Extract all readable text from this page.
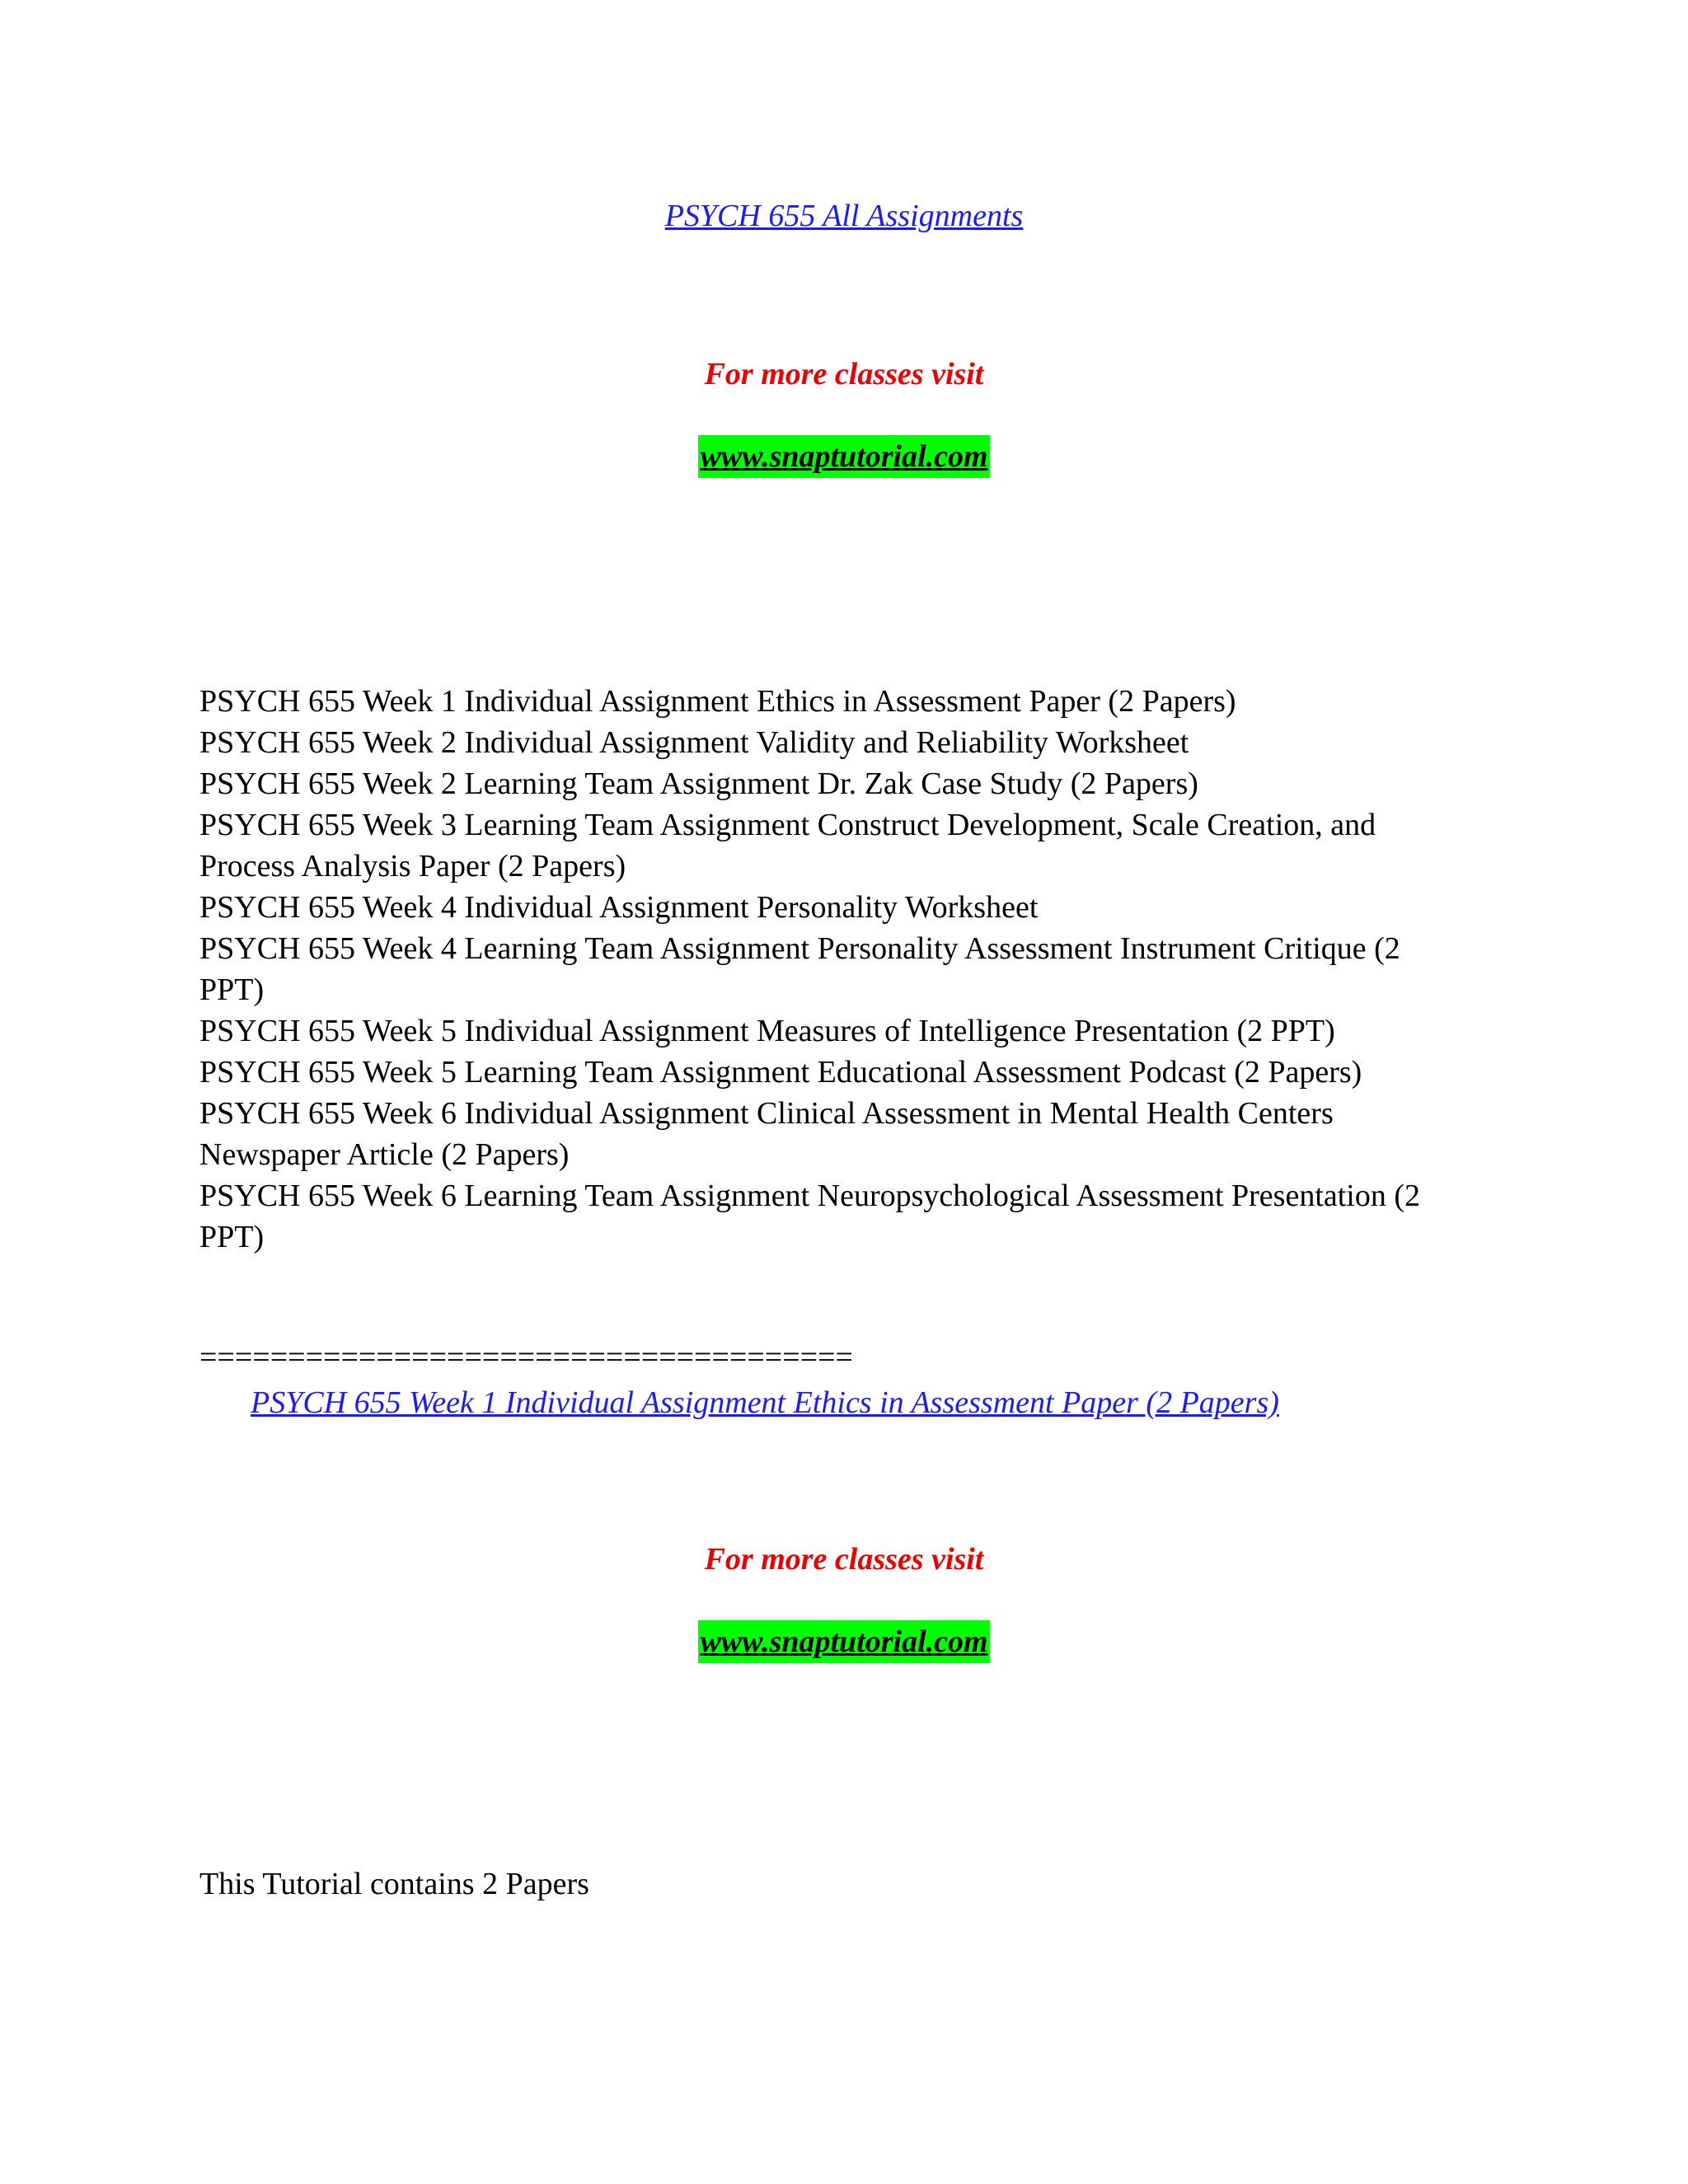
PSYCH 655 All Assignments
For more classes visit
www.snaptutorial.com
PSYCH 655 Week 1 Individual Assignment Ethics in Assessment Paper (2 Papers)
PSYCH 655 Week 2 Individual Assignment Validity and Reliability Worksheet
PSYCH 655 Week 2 Learning Team Assignment Dr. Zak Case Study (2 Papers)
PSYCH 655 Week 3 Learning Team Assignment Construct Development, Scale Creation, and Process Analysis Paper (2 Papers)
PSYCH 655 Week 4 Individual Assignment Personality Worksheet
PSYCH 655 Week 4 Learning Team Assignment Personality Assessment Instrument Critique (2 PPT)
PSYCH 655 Week 5 Individual Assignment Measures of Intelligence Presentation (2 PPT)
PSYCH 655 Week 5 Learning Team Assignment Educational Assessment Podcast (2 Papers)
PSYCH 655 Week 6 Individual Assignment Clinical Assessment in Mental Health Centers Newspaper Article (2 Papers)
PSYCH 655 Week 6 Learning Team Assignment Neuropsychological Assessment Presentation (2 PPT)
=====================================
PSYCH 655 Week 1 Individual Assignment Ethics in Assessment Paper (2 Papers)
For more classes visit
www.snaptutorial.com
This Tutorial contains 2 Papers
